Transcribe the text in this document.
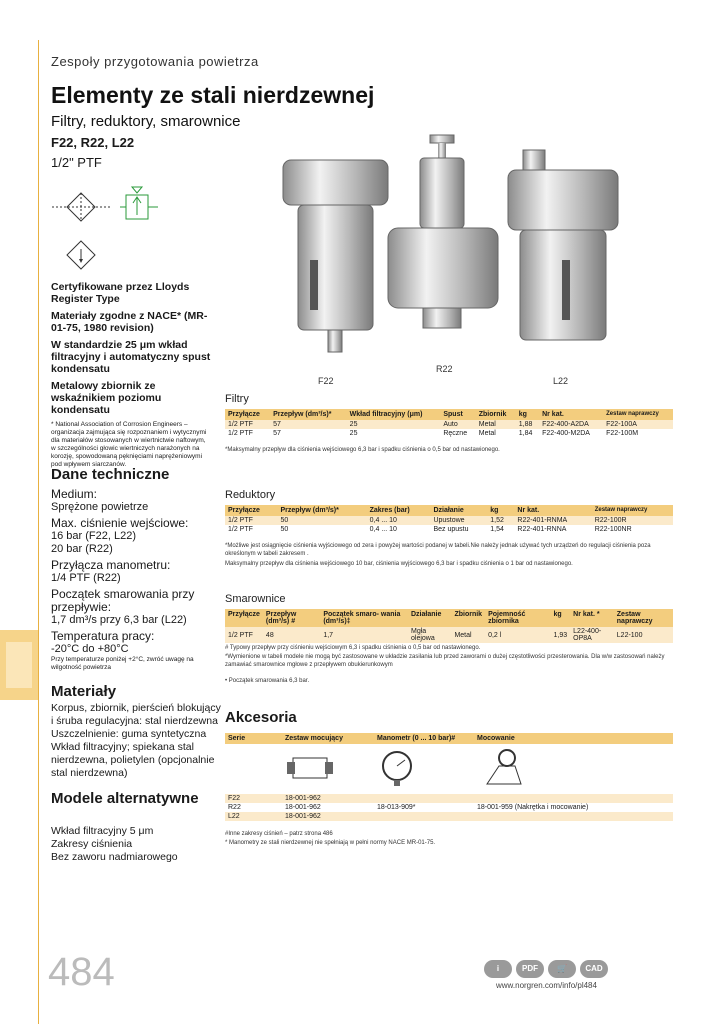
Zespoły przygotowania powietrza
Elementy ze stali nierdzewnej
Filtry, reduktory, smarownice
F22, R22, L22
1/2" PTF
Certyfikowane przez Lloyds Register Type
Materiały zgodne z NACE* (MR-01-75, 1980 revision)
W standardzie 25 μm wkład filtracyjny i automatyczny spust kondensatu
Metalowy zbiornik ze wskaźnikiem poziomu kondensatu
* National Association of Corrosion Engineers – organizacja zajmująca się rozpoznaniem i wytycznymi dla materiałów stosowanych w wiertnictwie naftowym, w szczególności głowic wiertniczych narażonych na korozję, spowodowaną pęknięciami naprężeniowymi pod wpływem siarczanów.
F22
R22
L22
Filtry
Przyłącze	Przepływ (dm³/s)*	Wkład filtracyjny (μm)	Spust	Zbiornik	kg	Nr kat.	Zestaw naprawczy
1/2 PTF	57	25	Auto	Metal	1,88	F22-400-A2DA	F22-100A
1/2 PTF	57	25	Ręczne	Metal	1,84	F22-400-M2DA	F22-100M
*Maksymalny przepływ dla ciśnienia wejściowego 6,3 bar i spadku ciśnienia o 0,5 bar od nastawionego.
Reduktory
Przyłącze	Przepływ (dm³/s)*	Zakres (bar)	Działanie	kg	Nr kat.	Zestaw naprawczy
1/2 PTF	50	0,4 ... 10	Upustowe	1,52	R22-401-RNMA	R22-100R
1/2 PTF	50	0,4 ... 10	Bez upustu	1,54	R22-401-RNNA	R22-100NR
*Możliwe jest osiągnięcie ciśnienia wyjściowego od zera i powyżej wartości podanej w tabeli.Nie należy jednak używać tych urządzeń do regulacji ciśnienia poza określonym w tabeli zakresem .
Maksymalny przepływ dla ciśnienia wejściowego 10 bar, ciśnienia wyjściowego 6,3 bar i spadku ciśnienia o 1 bar od nastawionego.
Smarownice
Przyłącze	Przepływ (dm³/s) #	Początek smaro- wania (dm³/s)‡	Działanie	Zbiornik	Pojemność zbiornika	kg	Nr kat. *	Zestaw naprawczy
1/2 PTF	48	1,7	Mgła olejowa	Metal	0,2 l	1,93	L22-400-OP8A	L22-100
# Typowy przepływ przy ciśnieniu wejściowym 6,3 i spadku ciśnienia o 0,5 bar od nastawionego.
*Wymienione w tabeli modele nie mogą być zastosowane w układzie zasilania lub przed zaworami o dużej częstotliwości przesterowania. Dla w/w zastosowań należy zamawiać smarownice mgłowe z przepływem obukierunkowym
• Początek smarowania 6,3 bar.
Akcesoria
Serie	Zestaw mocujący	Manometr (0 ... 10 bar)#	Mocowanie

F22	18-001-962		
R22	18-001-962	18-013-909*	18-001-959 (Nakrętka i mocowanie)
L22	18-001-962		
#Inne zakresy ciśnień – patrz strona 486
* Manometry ze stali nierdzewnej nie spełniają w pełni normy NACE MR-01-75.
Dane techniczne
Medium:
Sprężone powietrze
Max. ciśnienie wejściowe:
16 bar (F22, L22)
20 bar (R22)
Przyłącza manometru:
1/4 PTF (R22)
Początek smarowania przy przepływie:
1,7 dm³/s przy 6,3 bar (L22)
Temperatura pracy:
-20°C do +80°C
Przy temperaturze poniżej +2°C, zwróć uwagę na wilgotność powietrza
Materiały
Korpus, zbiornik, pierścień blokujący i śruba regulacyjna: stal nierdzewna
Uszczelnienie: guma syntetyczna
Wkład filtracyjny; spiekana stal nierdzewna, polietylen (opcjonalnie stal nierdzewna)
Modele alternatywne
Wkład filtracyjny 5 μm
Zakresy ciśnienia
Bez zaworu nadmiarowego
484	i	PDF 🛒 CAD
www.norgren.com/info/pl484
